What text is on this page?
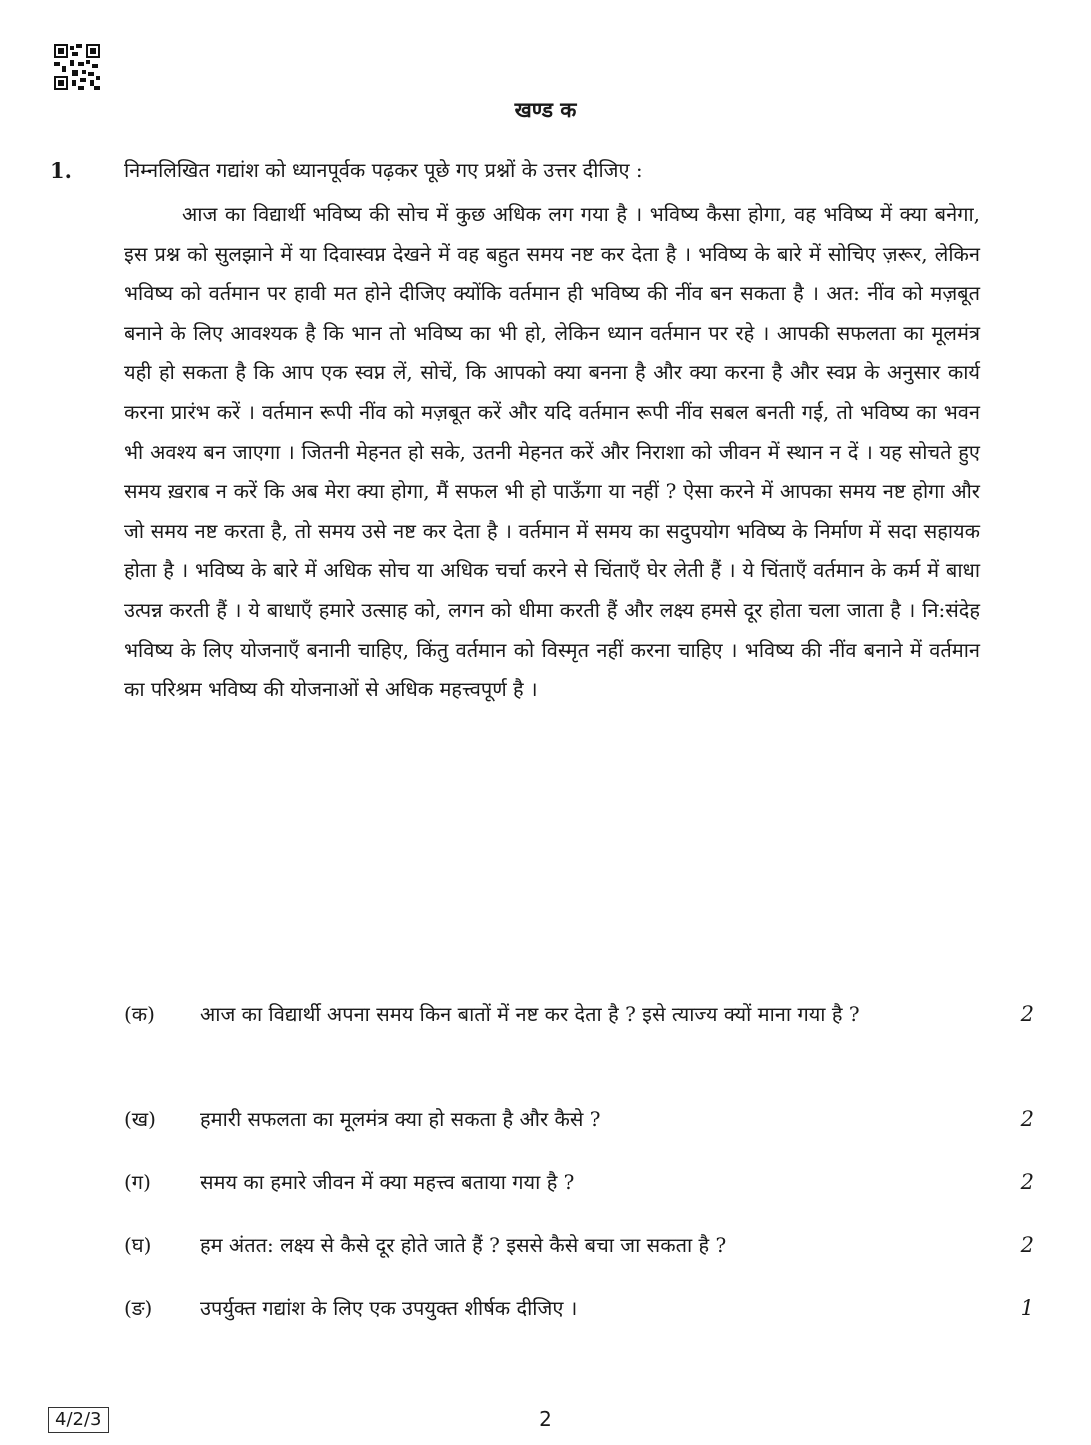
खण्ड क
1.	निम्नलिखित गद्यांश को ध्यानपूर्वक पढ़कर पूछे गए प्रश्नों के उत्तर दीजिए :

आज का विद्यार्थी भविष्य की सोच में कुछ अधिक लग गया है । भविष्य कैसा होगा, वह भविष्य में क्या बनेगा, इस प्रश्न को सुलझाने में या दिवास्वप्न देखने में वह बहुत समय नष्ट कर देता है । भविष्य के बारे में सोचिए ज़रूर, लेकिन भविष्य को वर्तमान पर हावी मत होने दीजिए क्योंकि वर्तमान ही भविष्य की नींव बन सकता है । अत: नींव को मज़बूत बनाने के लिए आवश्यक है कि भान तो भविष्य का भी हो, लेकिन ध्यान वर्तमान पर रहे । आपकी सफलता का मूलमंत्र यही हो सकता है कि आप एक स्वप्न लें, सोचें, कि आपको क्या बनना है और क्या करना है और स्वप्न के अनुसार कार्य करना प्रारंभ करें । वर्तमान रूपी नींव को मज़बूत करें और यदि वर्तमान रूपी नींव सबल बनती गई, तो भविष्य का भवन भी अवश्य बन जाएगा । जितनी मेहनत हो सके, उतनी मेहनत करें और निराशा को जीवन में स्थान न दें । यह सोचते हुए समय ख़राब न करें कि अब मेरा क्या होगा, मैं सफल भी हो पाऊँगा या नहीं ? ऐसा करने में आपका समय नष्ट होगा और जो समय नष्ट करता है, तो समय उसे नष्ट कर देता है । वर्तमान में समय का सदुपयोग भविष्य के निर्माण में सदा सहायक होता है । भविष्य के बारे में अधिक सोच या अधिक चर्चा करने से चिंताएँ घेर लेती हैं । ये चिंताएँ वर्तमान के कर्म में बाधा उत्पन्न करती हैं । ये बाधाएँ हमारे उत्साह को, लगन को धीमा करती हैं और लक्ष्य हमसे दूर होता चला जाता है । नि:संदेह भविष्य के लिए योजनाएँ बनानी चाहिए, किंतु वर्तमान को विस्मृत नहीं करना चाहिए । भविष्य की नींव बनाने में वर्तमान का परिश्रम भविष्य की योजनाओं से अधिक महत्त्वपूर्ण है ।

(क) आज का विद्यार्थी अपना समय किन बातों में नष्ट कर देता है ? इसे त्याज्य क्यों माना गया है ?	2
(ख) हमारी सफलता का मूलमंत्र क्या हो सकता है और कैसे ?	2
(ग) समय का हमारे जीवन में क्या महत्त्व बताया गया है ?	2
(घ) हम अंतत: लक्ष्य से कैसे दूर होते जाते हैं ? इससे कैसे बचा जा सकता है ?	2
(ङ) उपर्युक्त गद्यांश के लिए एक उपयुक्त शीर्षक दीजिए ।	1
4/2/3	2
